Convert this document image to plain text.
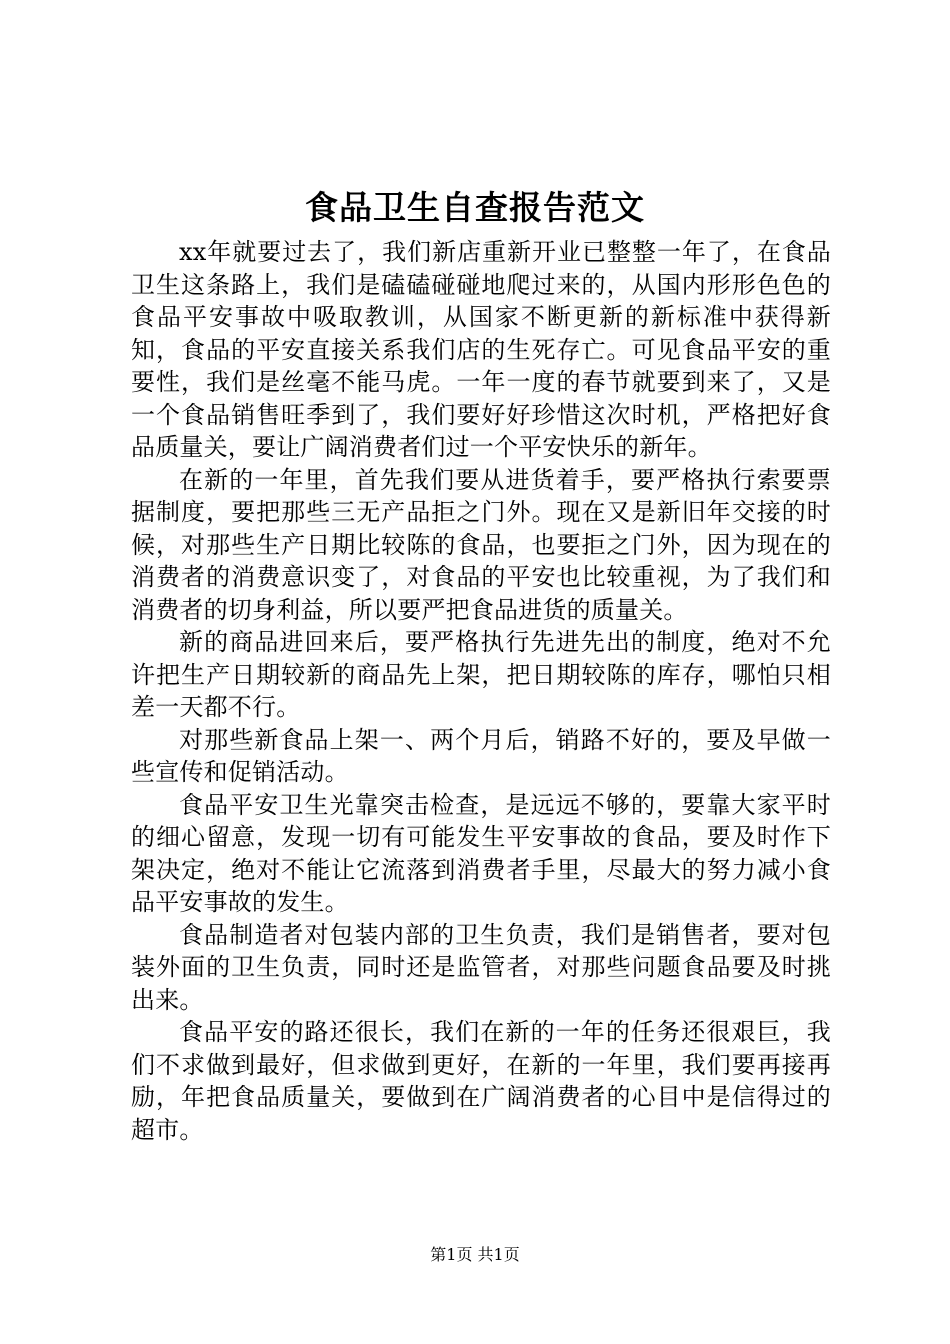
食品卫生自查报告范文

xx年就要过去了，我们新店重新开业已整整一年了，在食品卫生这条路上，我们是磕磕碰碰地爬过来的，从国内形形色色的食品平安事故中吸取教训，从国家不断更新的新标准中获得新知，食品的平安直接关系我们店的生死存亡。可见食品平安的重要性，我们是丝毫不能马虎。一年一度的春节就要到来了，又是一个食品销售旺季到了，我们要好好珍惜这次时机，严格把好食品质量关，要让广阔消费者们过一个平安快乐的新年。

在新的一年里，首先我们要从进货着手，要严格执行索要票据制度，要把那些三无产品拒之门外。现在又是新旧年交接的时候，对那些生产日期比较陈的食品，也要拒之门外，因为现在的消费者的消费意识变了，对食品的平安也比较重视，为了我们和消费者的切身利益，所以要严把食品进货的质量关。

新的商品进回来后，要严格执行先进先出的制度，绝对不允许把生产日期较新的商品先上架，把日期较陈的库存，哪怕只相差一天都不行。

对那些新食品上架一、两个月后，销路不好的，要及早做一些宣传和促销活动。

食品平安卫生光靠突击检查，是远远不够的，要靠大家平时的细心留意，发现一切有可能发生平安事故的食品，要及时作下架决定，绝对不能让它流落到消费者手里，尽最大的努力减小食品平安事故的发生。

食品制造者对包装内部的卫生负责，我们是销售者，要对包装外面的卫生负责，同时还是监管者，对那些问题食品要及时挑出来。

食品平安的路还很长，我们在新的一年的任务还很艰巨，我们不求做到最好，但求做到更好，在新的一年里，我们要再接再励，年把食品质量关，要做到在广阔消费者的心目中是信得过的超市。

第1页 共1页
